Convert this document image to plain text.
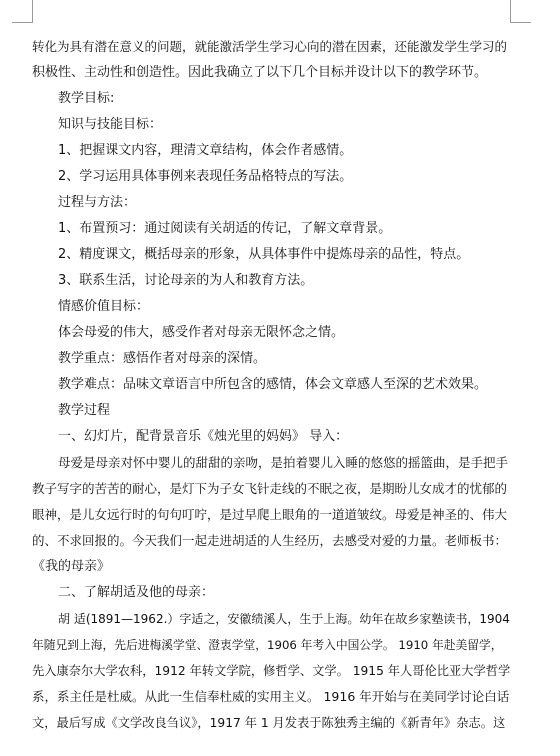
转化为具有潜在意义的问题，就能激活学生学习心向的潜在因素，还能激发学生学习的
积极性、主动性和创造性。因此我确立了以下几个目标并设计以下的教学环节。
教学目标:
知识与技能目标：
1、把握课文内容，理清文章结构，体会作者感情。
2、学习运用具体事例来表现任务品格特点的写法。
过程与方法：
1、布置预习：通过阅读有关胡适的传记，了解文章背景。
2、精度课文，概括母亲的形象，从具体事件中提炼母亲的品性，特点。
3、联系生活，讨论母亲的为人和教育方法。
情感价值目标：
体会母爱的伟大，感受作者对母亲无限怀念之情。
教学重点：感悟作者对母亲的深情。
教学难点：品味文章语言中所包含的感情，体会文章感人至深的艺术效果。
教学过程
一、幻灯片，配背景音乐《烛光里的妈妈》 导入：
母爱是母亲对怀中婴儿的甜甜的亲吻，是拍着婴儿入睡的悠悠的摇篮曲，是手把手
教子写字的苦苦的耐心，是灯下为子女飞针走线的不眠之夜，是期盼儿女成才的忧郁的
眼神，是儿女远行时的句句叮咛，是过早爬上眼角的一道道皱纹。母爱是神圣的、伟大
的、不求回报的。今天我们一起走进胡适的人生经历，去感受对爱的力量。老师板书：
《我的母亲》
二、了解胡适及他的母亲：
胡 适(1891—1962.）字适之，安徽绩溪人，生于上海。幼年在故乡家塾读书，1904
年随兄到上海，先后进梅溪学堂、澄衷学堂，1906 年考入中国公学。 1910 年赴美留学，
先入康奈尔大学农科，1912 年转文学院，修哲学、文学。 1915 年人哥伦比亚大学哲学
系，系主任是杜威。从此一生信奉杜威的实用主义。 1916 年开始与在美同学讨论白话
文，最后写成《文学改良刍议》，1917 年 1 月发表于陈独秀主编的《新青年》杂志。这
